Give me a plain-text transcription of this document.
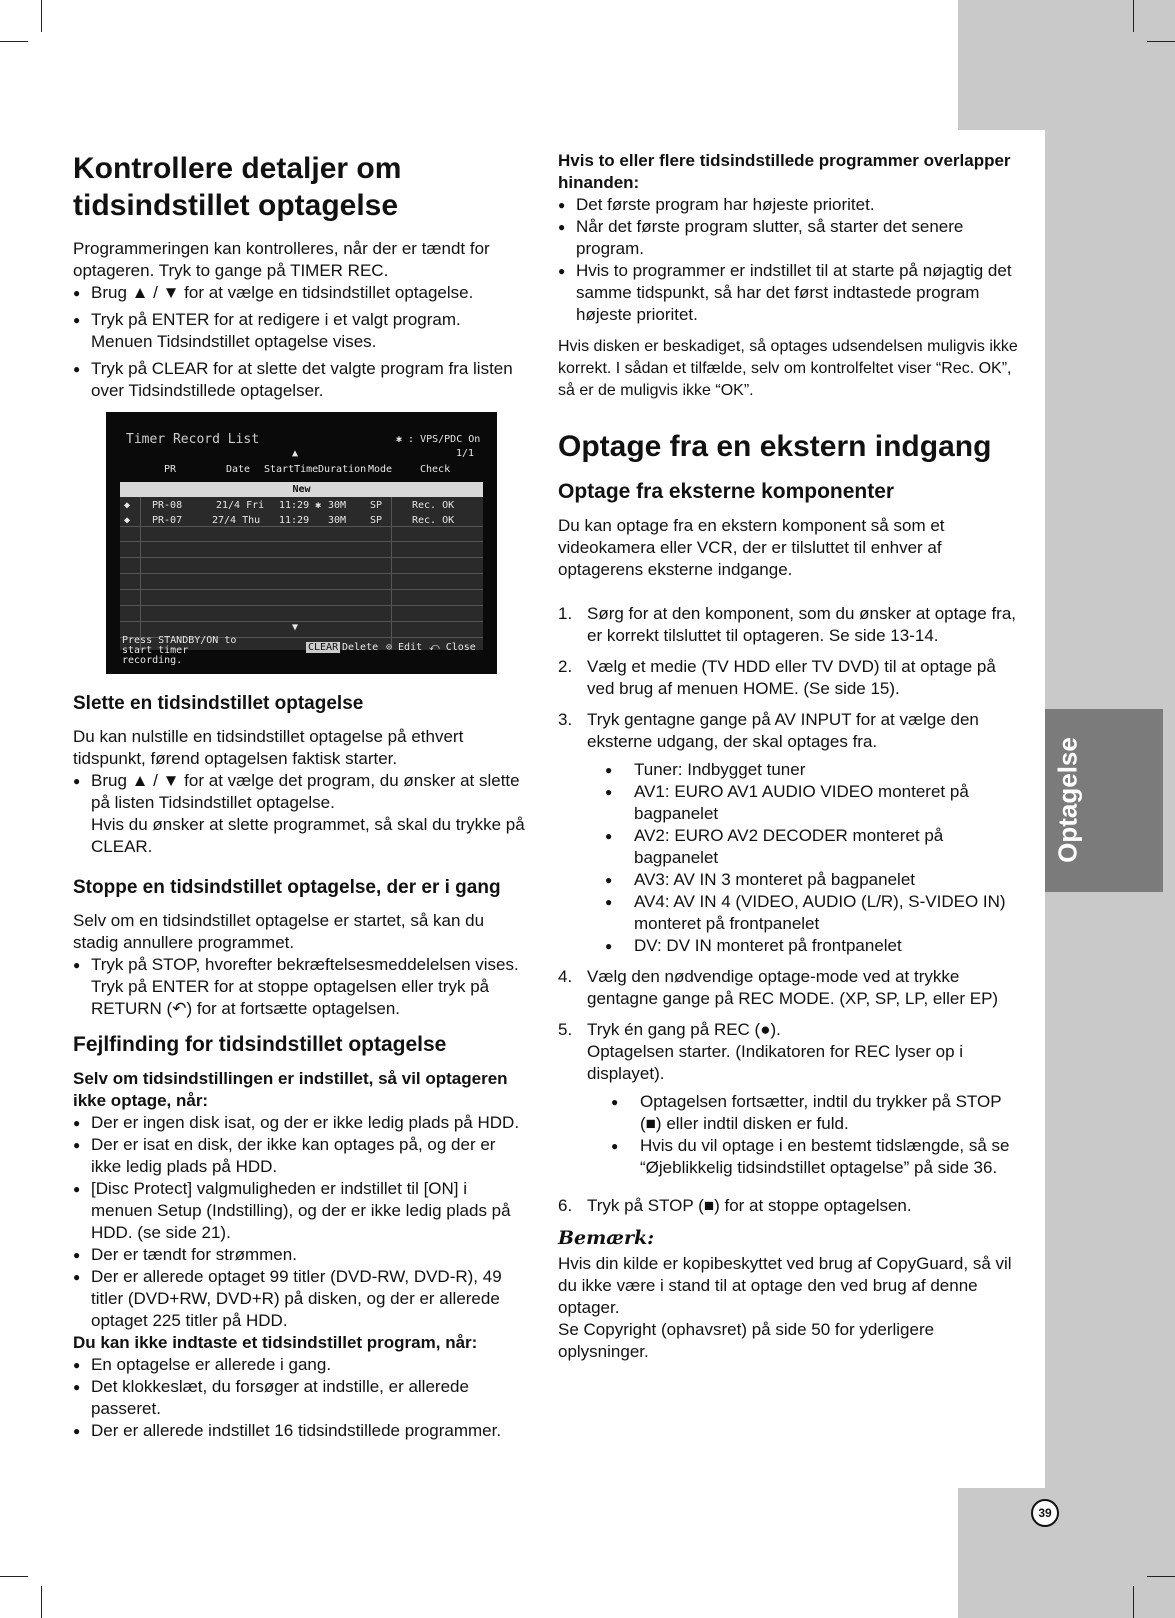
Optagelse
Kontrollere detaljer om tidsindstillet optagelse

Programmeringen kan kontrolleres, når der er tændt for optageren. Tryk to gange på TIMER REC.

● Brug ▲ / ▼ for at vælge en tidsindstillet optagelse.
● Tryk på ENTER for at redigere i et valgt program. Menuen Tidsindstillet optagelse vises.
● Tryk på CLEAR for at slette det valgte program fra listen over Tidsindstillede optagelser.
Timer Record List	✱ : VPS/PDC On
1/1
▲
PR	Date StartTime Duration Mode	Check
New
◆ PR-08	21/4 Fri 11:29 ✱ 30M SP	Rec. OK
◆ PR-07	27/4 Thu 11:29 30M SP	Rec. OK
▼
Press STANDBY/ON to start timer recording.
CLEAR Delete ⊙ Edit ⤺ Close
Slette en tidsindstillet optagelse

Du kan nulstille en tidsindstillet optagelse på ethvert tidspunkt, førend optagelsen faktisk starter.

● Brug ▲ / ▼ for at vælge det program, du ønsker at slette på listen Tidsindstillet optagelse.
Hvis du ønsker at slette programmet, så skal du trykke på CLEAR.
Stoppe en tidsindstillet optagelse, der er i gang

Selv om en tidsindstillet optagelse er startet, så kan du stadig annullere programmet.

● Tryk på STOP, hvorefter bekræftelsesmeddelelsen vises.
Tryk på ENTER for at stoppe optagelsen eller tryk på RETURN (↶) for at fortsætte optagelsen.
Fejlfinding for tidsindstillet optagelse

Selv om tidsindstillingen er indstillet, så vil optageren ikke optage, når:

● Der er ingen disk isat, og der er ikke ledig plads på HDD.
● Der er isat en disk, der ikke kan optages på, og der er ikke ledig plads på HDD.
● [Disc Protect] valgmuligheden er indstillet til [ON] i menuen Setup (Indstilling), og der er ikke ledig plads på HDD. (se side 21).
● Der er tændt for strømmen.
● Der er allerede optaget 99 titler (DVD-RW, DVD-R), 49 titler (DVD+RW, DVD+R) på disken, og der er allerede optaget 225 titler på HDD.

Du kan ikke indtaste et tidsindstillet program, når:

● En optagelse er allerede i gang.
● Det klokkeslæt, du forsøger at indstille, er allerede passeret.
● Der er allerede indstillet 16 tidsindstillede programmer.

Hvis to eller flere tidsindstillede programmer overlapper hinanden:

● Det første program har højeste prioritet.
● Når det første program slutter, så starter det senere program.
● Hvis to programmer er indstillet til at starte på nøjagtig det samme tidspunkt, så har det først indtastede program højeste prioritet.

Hvis disken er beskadiget, så optages udsendelsen muligvis ikke korrekt. I sådan et tilfælde, selv om kontrolfeltet viser “Rec. OK”, så er de muligvis ikke “OK”.

Optage fra en ekstern indgang
Optage fra eksterne komponenter

Du kan optage fra en ekstern komponent så som et videokamera eller VCR, der er tilsluttet til enhver af optagerens eksterne indgange.

1. Sørg for at den komponent, som du ønsker at optage fra, er korrekt tilsluttet til optageren. Se side 13-14.
2. Vælg et medie (TV HDD eller TV DVD) til at optage på ved brug af menuen HOME. (Se side 15).
3. Tryk gentagne gange på AV INPUT for at vælge den eksterne udgang, der skal optages fra.
● Tuner: Indbygget tuner
● AV1: EURO AV1 AUDIO VIDEO monteret på bagpanelet
● AV2: EURO AV2 DECODER monteret på bagpanelet
● AV3: AV IN 3 monteret på bagpanelet
● AV4: AV IN 4 (VIDEO, AUDIO (L/R), S-VIDEO IN) monteret på frontpanelet
● DV: DV IN monteret på frontpanelet
4. Vælg den nødvendige optage-mode ved at trykke gentagne gange på REC MODE. (XP, SP, LP, eller EP)
5. Tryk én gang på REC (●).
Optagelsen starter. (Indikatoren for REC lyser op i displayet).
● Optagelsen fortsætter, indtil du trykker på STOP (■) eller indtil disken er fuld.
● Hvis du vil optage i en bestemt tidslængde, så se “Øjeblikkelig tidsindstillet optagelse” på side 36.
6. Tryk på STOP (■) for at stoppe optagelsen.
Bemærk:

Hvis din kilde er kopibeskyttet ved brug af CopyGuard, så vil du ikke være i stand til at optage den ved brug af denne optager.

Se Copyright (ophavsret) på side 50 for yderligere oplysninger.

39
